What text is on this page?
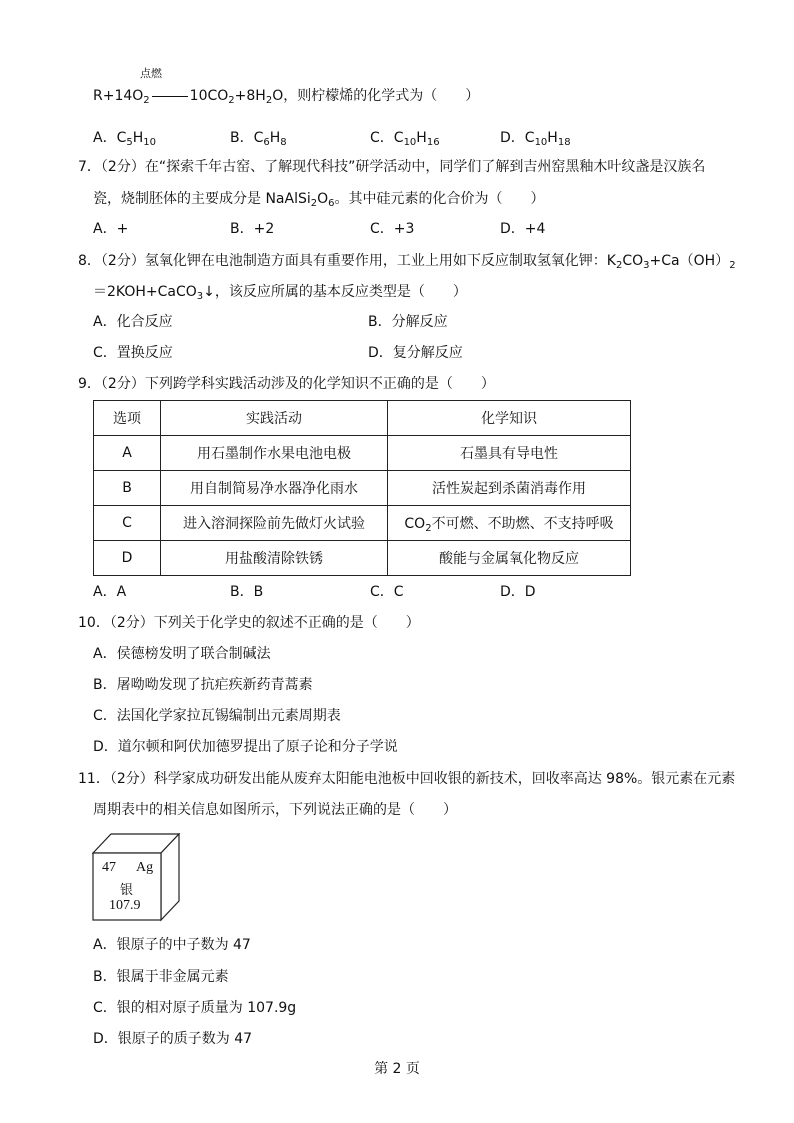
点燃
$R+14O_2$	$10CO_2+8H_2O$，则柠檬烯的化学式为（　　）
A．$C_5H_{10}$	B．$C_6H_8$	C．$C_{10}H_{16}$	D．$C_{10}H_{18}$
7．（2分）在“探索千年古窑、了解现代科技”研学活动中，同学们了解到吉州窑黑釉木叶纹盏是汉族名
瓷，烧制胚体的主要成分是 $NaAlSi_2O_6$。其中硅元素的化合价为（　　）
A．+	B．+2	C．+3	D．+4
8．（2分）氢氧化钾在电池制造方面具有重要作用，工业上用如下反应制取氢氧化钾：$K_2CO_3+Ca(OH)_2$
＝2KOH+CaCO$_3$↓，该反应所属的基本反应类型是（　　）
A．化合反应	B．分解反应
C．置换反应	D．复分解反应
9．（2分）下列跨学科实践活动涉及的化学知识不正确的是（　　）
选项	实践活动	化学知识
A	用石墨制作水果电池电极	石墨具有导电性
B	用自制简易净水器净化雨水	活性炭起到杀菌消毒作用
C	进入溶洞探险前先做灯火试验	$CO_2$不可燃、不助燃、不支持呼吸
D	用盐酸清除铁锈	酸能与金属氧化物反应
A．A	B．B	C．C	D．D
10．（2分）下列关于化学史的叙述不正确的是（　　）
A．侯德榜发明了联合制碱法
B．屠呦呦发现了抗疟疾新药青蒿素
C．法国化学家拉瓦锡编制出元素周期表
D．道尔顿和阿伏加德罗提出了原子论和分子学说
11．（2分）科学家成功研发出能从废弃太阳能电池板中回收银的新技术，回收率高达 98%。银元素在元素
周期表中的相关信息如图所示，下列说法正确的是（　　）
47 Ag
银
107.9
A．银原子的中子数为 47
B．银属于非金属元素
C．银的相对原子质量为 107.9g
D．银原子的质子数为 47
第 2 页
